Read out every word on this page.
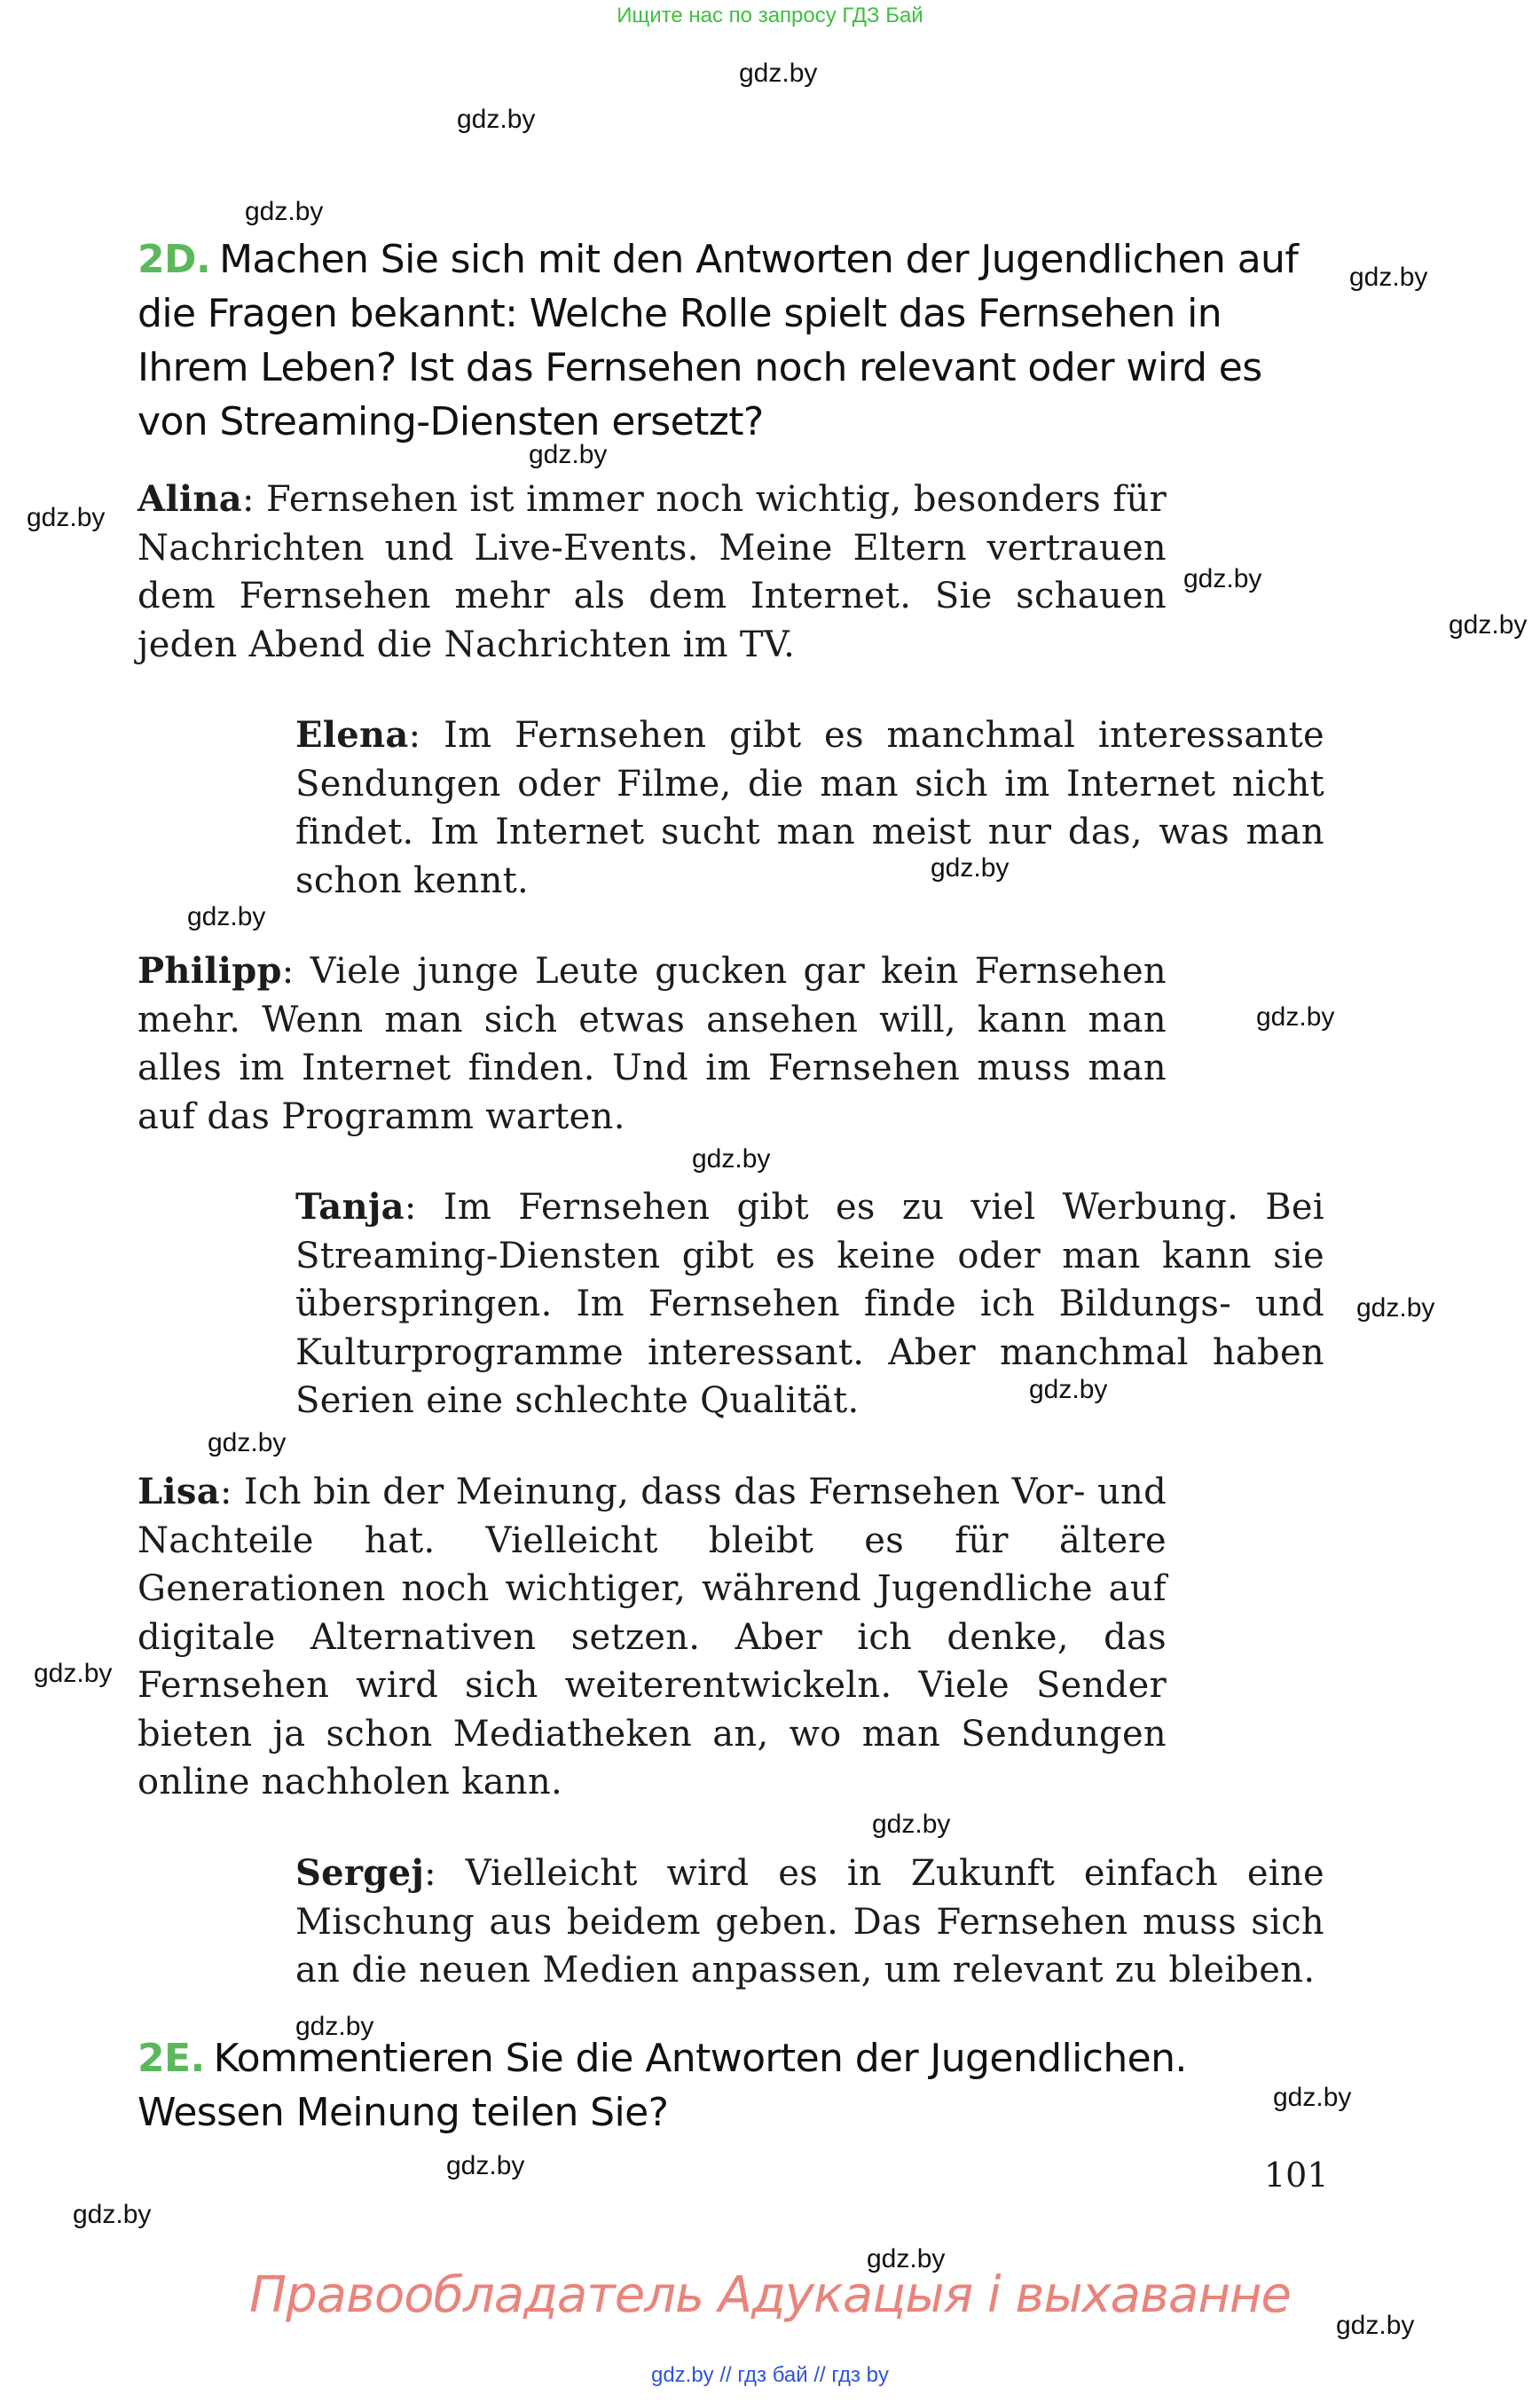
Ищите нас по запросу ГДЗ Бай
gdz.by
gdz.by
gdz.by
gdz.by
gdz.by
gdz.by
gdz.by
gdz.by
gdz.by
gdz.by
gdz.by
gdz.by
gdz.by
gdz.by
gdz.by
gdz.by
gdz.by
gdz.by
gdz.by
gdz.by
gdz.by
gdz.by
gdz.by
2D. Machen Sie sich mit den Antworten der Jugendlichen auf die Fragen bekannt: Welche Rolle spielt das Fernsehen in Ihrem Leben? Ist das Fernsehen noch relevant oder wird es von Streaming-Diensten ersetzt?
Alina: Fernsehen ist immer noch wichtig, besonders für Nachrichten und Live-Events. Meine Eltern vertrauen dem Fernsehen mehr als dem Internet. Sie schauen jeden Abend die Nachrichten im TV.
Elena: Im Fernsehen gibt es manchmal interessante Sendungen oder Filme, die man sich im Internet nicht findet. Im Internet sucht man meist nur das, was man schon kennt.
Philipp: Viele junge Leute gucken gar kein Fernsehen mehr. Wenn man sich etwas ansehen will, kann man alles im Internet finden. Und im Fernsehen muss man auf das Programm warten.
Tanja: Im Fernsehen gibt es zu viel Werbung. Bei Streaming-Diensten gibt es keine oder man kann sie überspringen. Im Fernsehen finde ich Bildungs- und Kulturprogramme interessant. Aber manchmal haben Serien eine schlechte Qualität.
Lisa: Ich bin der Meinung, dass das Fernsehen Vor- und Nachteile hat. Vielleicht bleibt es für ältere Generationen noch wichtiger, während Jugendliche auf digitale Alternativen setzen. Aber ich denke, das Fernsehen wird sich weiterentwickeln. Viele Sender bieten ja schon Mediatheken an, wo man Sendungen online nachholen kann.
Sergej: Vielleicht wird es in Zukunft einfach eine Mischung aus beidem geben. Das Fernsehen muss sich an die neuen Medien anpassen, um relevant zu bleiben.
2E. Kommentieren Sie die Antworten der Jugendlichen. Wessen Meinung teilen Sie?
101
Правообладатель Адукацыя і выхаванне
gdz.by // гдз бай // гдз by
